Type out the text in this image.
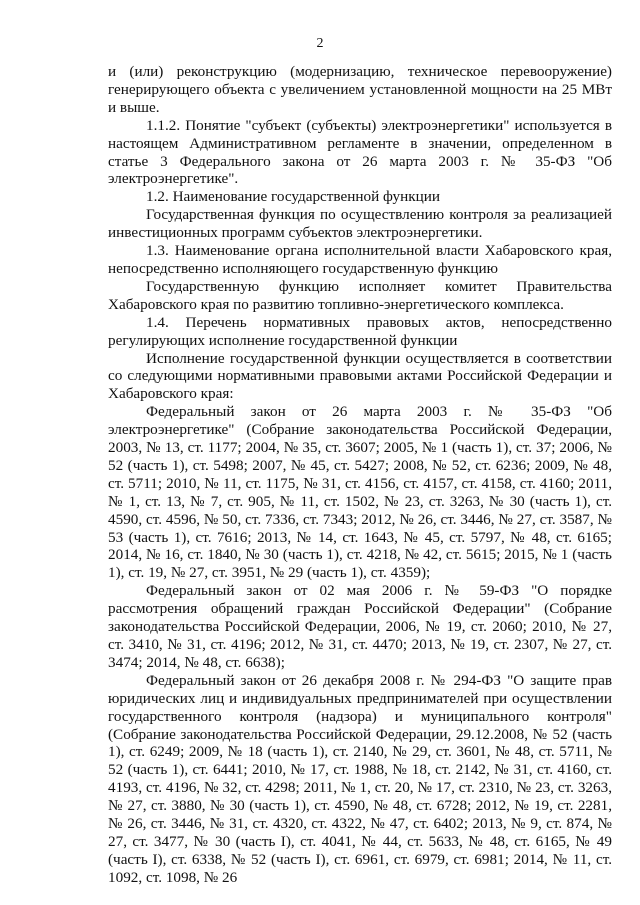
2

и (или) реконструкцию (модернизацию, техническое перевооружение) генерирующего объекта с увеличением установленной мощности на 25 МВт и выше.

1.1.2. Понятие "субъект (субъекты) электроэнергетики" используется в настоящем Административном регламенте в значении, определенном в статье 3 Федерального закона от 26 марта 2003 г. № 35-ФЗ "Об электроэнергетике".

1.2. Наименование государственной функции

Государственная функция по осуществлению контроля за реализацией инвестиционных программ субъектов электроэнергетики.

1.3. Наименование органа исполнительной власти Хабаровского края, непосредственно исполняющего государственную функцию

Государственную функцию исполняет комитет Правительства Хабаровского края по развитию топливно-энергетического комплекса.

1.4. Перечень нормативных правовых актов, непосредственно регулирующих исполнение государственной функции

Исполнение государственной функции осуществляется в соответствии со следующими нормативными правовыми актами Российской Федерации и Хабаровского края:

Федеральный закон от 26 марта 2003 г. № 35-ФЗ "Об электроэнергетике" (Собрание законодательства Российской Федерации, 2003, № 13, ст. 1177; 2004, № 35, ст. 3607; 2005, № 1 (часть 1), ст. 37; 2006, № 52 (часть 1), ст. 5498; 2007, № 45, ст. 5427; 2008, № 52, ст. 6236; 2009, № 48, ст. 5711; 2010, № 11, ст. 1175, № 31, ст. 4156, ст. 4157, ст. 4158, ст. 4160; 2011, № 1, ст. 13, № 7, ст. 905, № 11, ст. 1502, № 23, ст. 3263, № 30 (часть 1), ст. 4590, ст. 4596, № 50, ст. 7336, ст. 7343; 2012, № 26, ст. 3446, № 27, ст. 3587, № 53 (часть 1), ст. 7616; 2013, № 14, ст. 1643, № 45, ст. 5797, № 48, ст. 6165; 2014, № 16, ст. 1840, № 30 (часть 1), ст. 4218, № 42, ст. 5615; 2015, № 1 (часть 1), ст. 19, № 27, ст. 3951, № 29 (часть 1), ст. 4359);

Федеральный закон от 02 мая 2006 г. № 59-ФЗ "О порядке рассмотрения обращений граждан Российской Федерации" (Собрание законодательства Российской Федерации, 2006, № 19, ст. 2060; 2010, № 27, ст. 3410, № 31, ст. 4196; 2012, № 31, ст. 4470; 2013, № 19, ст. 2307, № 27, ст. 3474; 2014, № 48, ст. 6638);

Федеральный закон от 26 декабря 2008 г. № 294-ФЗ "О защите прав юридических лиц и индивидуальных предпринимателей при осуществлении государственного контроля (надзора) и муниципального контроля" (Собрание законодательства Российской Федерации, 29.12.2008, № 52 (часть 1), ст. 6249; 2009, № 18 (часть 1), ст. 2140, № 29, ст. 3601, № 48, ст. 5711, № 52 (часть 1), ст. 6441; 2010, № 17, ст. 1988, № 18, ст. 2142, № 31, ст. 4160, ст. 4193, ст. 4196, № 32, ст. 4298; 2011, № 1, ст. 20, № 17, ст. 2310, № 23, ст. 3263, № 27, ст. 3880, № 30 (часть 1), ст. 4590, № 48, ст. 6728; 2012, № 19, ст. 2281, № 26, ст. 3446, № 31, ст. 4320, ст. 4322, № 47, ст. 6402; 2013, № 9, ст. 874, № 27, ст. 3477, № 30 (часть I), ст. 4041, № 44, ст. 5633, № 48, ст. 6165, № 49 (часть I), ст. 6338, № 52 (часть I), ст. 6961, ст. 6979, ст. 6981; 2014, № 11, ст. 1092, ст. 1098, № 26
